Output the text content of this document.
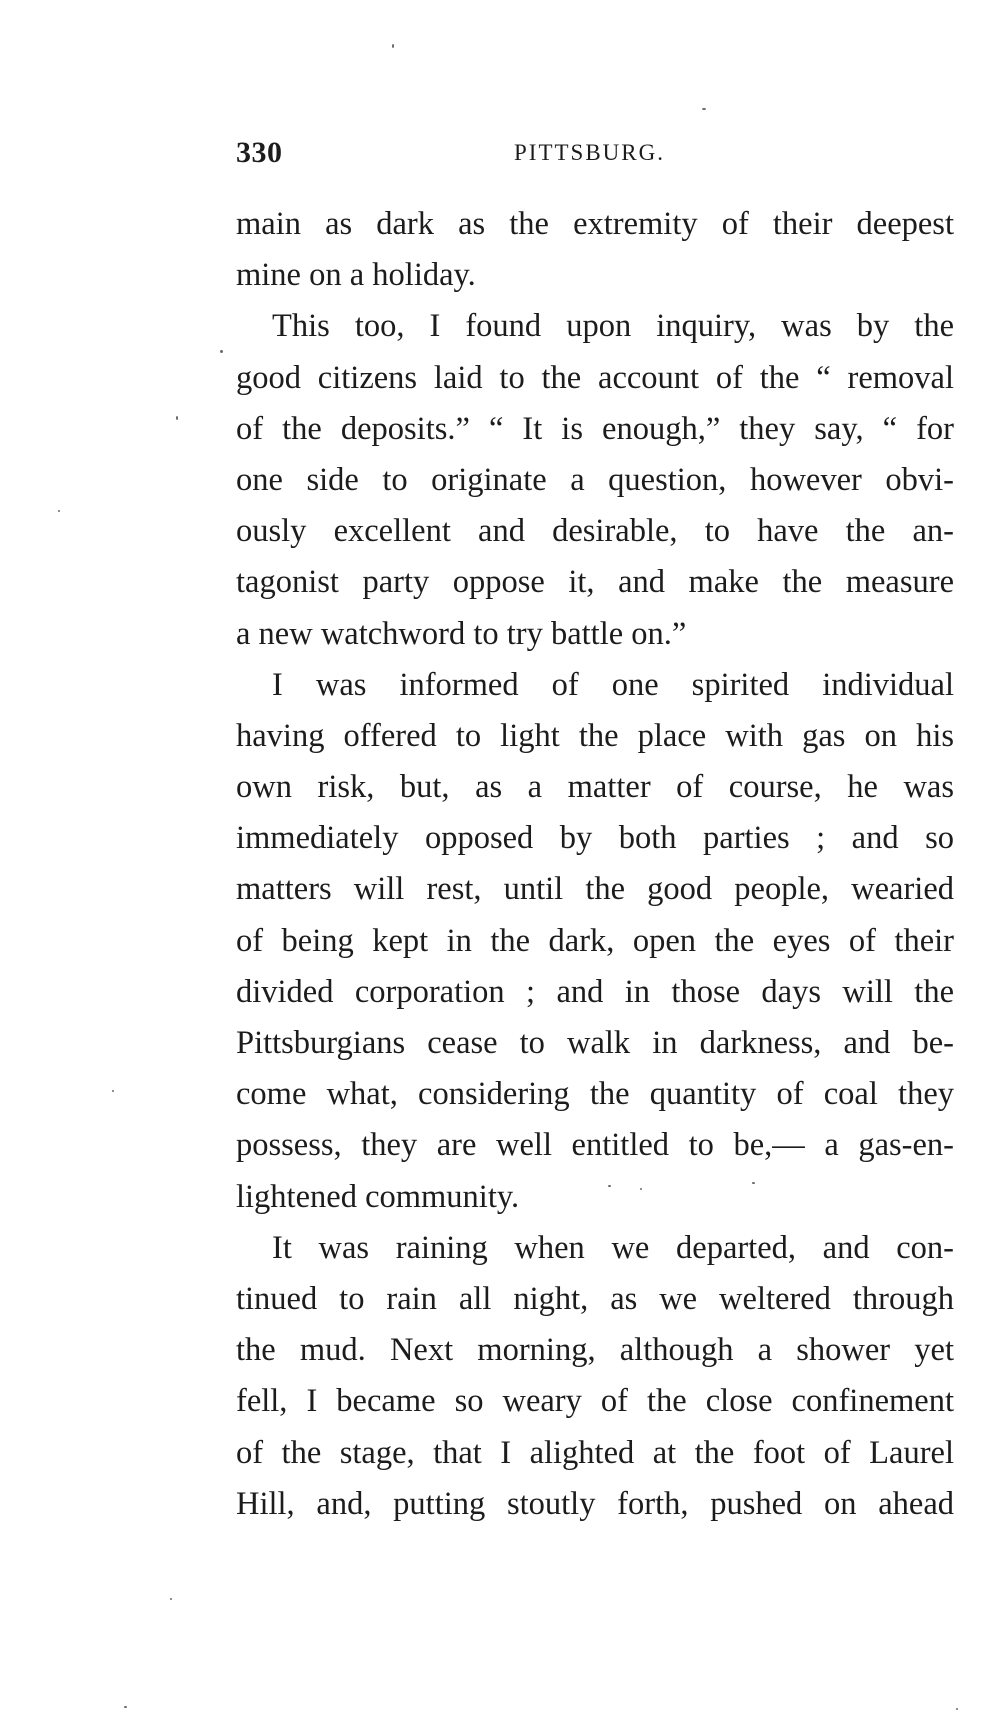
330	PITTSBURG.
main as dark as the extremity of their deepest
mine on a holiday.
This too, I found upon inquiry, was by the
good citizens laid to the account of the “ removal
of the deposits.” “ It is enough,” they say, “ for
one side to originate a question, however obvi-
ously excellent and desirable, to have the an-
tagonist party oppose it, and make the measure
a new watchword to try battle on.”
I was informed of one spirited individual
having offered to light the place with gas on his
own risk, but, as a matter of course, he was
immediately opposed by both parties ; and so
matters will rest, until the good people, wearied
of being kept in the dark, open the eyes of their
divided corporation ; and in those days will the
Pittsburgians cease to walk in darkness, and be-
come what, considering the quantity of coal they
possess, they are well entitled to be,— a gas-en-
lightened community.
It was raining when we departed, and con-
tinued to rain all night, as we weltered through
the mud. Next morning, although a shower yet
fell, I became so weary of the close confinement
of the stage, that I alighted at the foot of Laurel
Hill, and, putting stoutly forth, pushed on ahead
